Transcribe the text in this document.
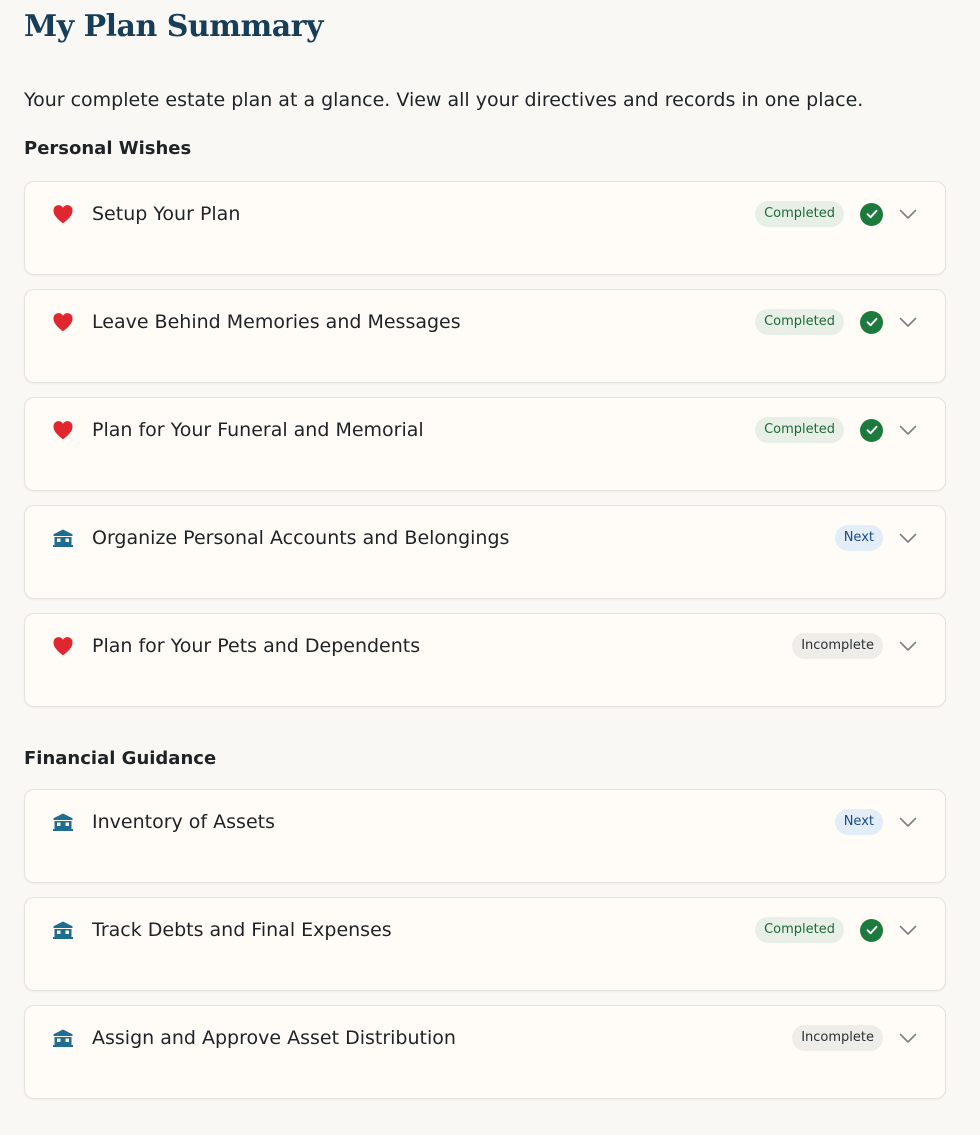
My Plan Summary

Your complete estate plan at a glance. View all your directives and records in one place.

Personal Wishes
Setup Your Plan	Completed
Leave Behind Memories and Messages	Completed
Plan for Your Funeral and Memorial	Completed
Organize Personal Accounts and Belongings	Next
Plan for Your Pets and Dependents	Incomplete
Financial Guidance
Inventory of Assets	Next
Track Debts and Final Expenses	Completed
Assign and Approve Asset Distribution	Incomplete
